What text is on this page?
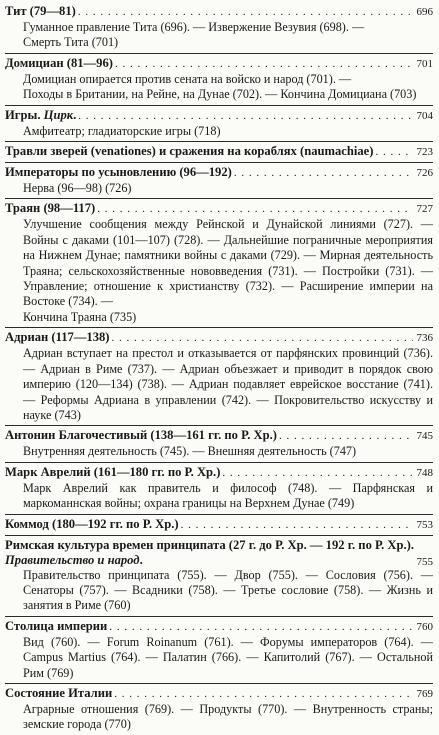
Тит (79—81) . . .	696
Гуманное правление Тита (696). — Извержение Везувия (698). —
Смерть Тита (701)
Домициан (81—96) . . .	701
Домициан опирается против сената на войско и народ (701). —
Походы в Британии, на Рейне, на Дунае (702). — Кончина Домициана (703)
Игры. Цирк. . . .	704
Амфитеатр; гладиаторские игры (718)
Травли зверей (venationes) и сражения на кораблях (naumachiae) . . .	723
Императоры по усыновлению (96—192) . . .	726
Нерва (96—98) (726)
Траян (98—117) . . .	727
Улучшение сообщения между Рейнской и Дунайской линиями (727). — Войны с даками (101—107) (728). — Дальнейшие пограничные мероприятия на Нижнем Дунае; памятники войны с даками (729). — Мирная деятельность Траяна; сельскохозяйственные нововведения (731). — Постройки (731). — Управление; отношение к христианству (732). — Расширение империи на Востоке (734). —
Кончина Траяна (735)
Адриан (117—138) . . .	736
Адриан вступает на престол и отказывается от парфянских провинций (736). — Адриан в Риме (737). — Адриан объезжает и приводит в порядок свою империю (120—134) (738). — Адриан подавляет еврейское восстание (741). — Реформы Адриана в управлении (742). — Покровительство искусству и науке (743)
Антонин Благочестивый (138—161 гг. по Р. Хр.) . . .	745
Внутренняя деятельность (745). — Внешняя деятельность (747)
Марк Аврелий (161—180 гг. по Р. Хр.) . . .	748
Марк Аврелий как правитель и философ (748). — Парфянская и маркоманнская войны; охрана границы на Верхнем Дунае (749)
Коммод (180—192 гг. по Р. Хр.) . . .	753
Римская культура времен принципата (27 г. до Р. Хр. — 192 г. по Р. Хр.). Правительство и народ.	755
Правительство принципата (755). — Двор (755). — Сословия (756). — Сенаторы (757). — Всадники (758). — Третье сословие (758). — Жизнь и занятия в Риме (760)
Столица империи . . .	760
Вид (760). — Forum Roinanum (761). — Форумы императоров (764). — Campus Martius (764). — Палатин (766). — Капитолий (767). — Остальной Рим (769)
Состояние Италии . . .	769
Аграрные отношения (769). — Продукты (770). — Внутренность страны; земские города (770)
